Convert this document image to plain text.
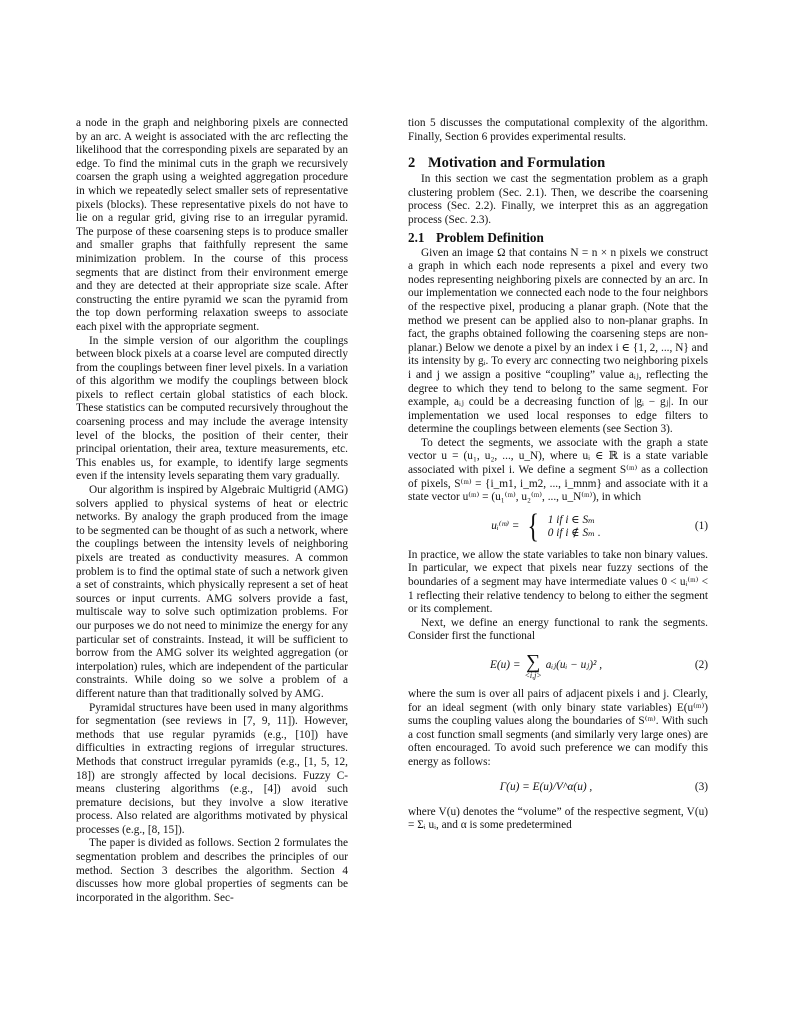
a node in the graph and neighboring pixels are connected by an arc. A weight is associated with the arc reflecting the likelihood that the corresponding pixels are separated by an edge. To find the minimal cuts in the graph we recursively coarsen the graph using a weighted aggregation procedure in which we repeatedly select smaller sets of representative pixels (blocks). These representative pixels do not have to lie on a regular grid, giving rise to an irregular pyramid. The purpose of these coarsening steps is to produce smaller and smaller graphs that faithfully represent the same minimization problem. In the course of this process segments that are distinct from their environment emerge and they are detected at their appropriate size scale. After constructing the entire pyramid we scan the pyramid from the top down performing relaxation sweeps to associate each pixel with the appropriate segment.

In the simple version of our algorithm the couplings between block pixels at a coarse level are computed directly from the couplings between finer level pixels. In a variation of this algorithm we modify the couplings between block pixels to reflect certain global statistics of each block. These statistics can be computed recursively throughout the coarsening process and may include the average intensity level of the blocks, the position of their center, their principal orientation, their area, texture measurements, etc. This enables us, for example, to identify large segments even if the intensity levels separating them vary gradually.

Our algorithm is inspired by Algebraic Multigrid (AMG) solvers applied to physical systems of heat or electric networks. By analogy the graph produced from the image to be segmented can be thought of as such a network, where the couplings between the intensity levels of neighboring pixels are treated as conductivity measures. A common problem is to find the optimal state of such a network given a set of constraints, which physically represent a set of heat sources or input currents. AMG solvers provide a fast, multiscale way to solve such optimization problems. For our purposes we do not need to minimize the energy for any particular set of constraints. Instead, it will be sufficient to borrow from the AMG solver its weighted aggregation (or interpolation) rules, which are independent of the particular constraints. While doing so we solve a problem of a different nature than that traditionally solved by AMG.

Pyramidal structures have been used in many algorithms for segmentation (see reviews in [7, 9, 11]). However, methods that use regular pyramids (e.g., [10]) have difficulties in extracting regions of irregular structures. Methods that construct irregular pyramids (e.g., [1, 5, 12, 18]) are strongly affected by local decisions. Fuzzy C-means clustering algorithms (e.g., [4]) avoid such premature decisions, but they involve a slow iterative process. Also related are algorithms motivated by physical processes (e.g., [8, 15]).

The paper is divided as follows. Section 2 formulates the segmentation problem and describes the principles of our method. Section 3 describes the algorithm. Section 4 discusses how more global properties of segments can be incorporated in the algorithm. Sec-

tion 5 discusses the computational complexity of the algorithm. Finally, Section 6 provides experimental results.

2 Motivation and Formulation

In this section we cast the segmentation problem as a graph clustering problem (Sec. 2.1). Then, we describe the coarsening process (Sec. 2.2). Finally, we interpret this as an aggregation process (Sec. 2.3).

2.1 Problem Definition

Given an image Ω that contains N = n × n pixels we construct a graph in which each node represents a pixel and every two nodes representing neighboring pixels are connected by an arc. In our implementation we connected each node to the four neighbors of the respective pixel, producing a planar graph. (Note that the method we present can be applied also to non-planar graphs. In fact, the graphs obtained following the coarsening steps are non-planar.) Below we denote a pixel by an index i ∈ {1, 2, ..., N} and its intensity by gᵢ. To every arc connecting two neighboring pixels i and j we assign a positive “coupling” value aᵢⱼ, reflecting the degree to which they tend to belong to the same segment. For example, aᵢⱼ could be a decreasing function of |gᵢ − gⱼ|. In our implementation we used local responses to edge filters to determine the couplings between elements (see Section 3).

To detect the segments, we associate with the graph a state vector u = (u₁, u₂, ..., u_N), where uᵢ ∈ ℝ is a state variable associated with pixel i. We define a segment S⁽ᵐ⁾ as a collection of pixels, S⁽ᵐ⁾ = {i_m1, i_m2, ..., i_mnm} and associate with it a state vector u⁽ᵐ⁾ = (u₁⁽ᵐ⁾, u₂⁽ᵐ⁾, ..., u_N⁽ᵐ⁾), in which

uᵢ⁽ᵐ⁾ = { 1 if i ∈ Sₘ
0 if i ∉ Sₘ .
(1)

In practice, we allow the state variables to take non binary values. In particular, we expect that pixels near fuzzy sections of the boundaries of a segment may have intermediate values 0 < uᵢ⁽ᵐ⁾ < 1 reflecting their relative tendency to belong to either the segment or its complement.

Next, we define an energy functional to rank the segments. Consider first the functional

E(u) = ∑
<i,j>
aᵢⱼ(uᵢ − uⱼ)² ,	(2)

where the sum is over all pairs of adjacent pixels i and j. Clearly, for an ideal segment (with only binary state variables) E(u⁽ᵐ⁾) sums the coupling values along the boundaries of S⁽ᵐ⁾. With such a cost function small segments (and similarly very large ones) are often encouraged. To avoid such preference we can modify this energy as follows:

Γ(u) = E(u)/V^α(u) ,	(3)

where V(u) denotes the “volume” of the respective segment, V(u) = Σᵢ uᵢ, and α is some predetermined
